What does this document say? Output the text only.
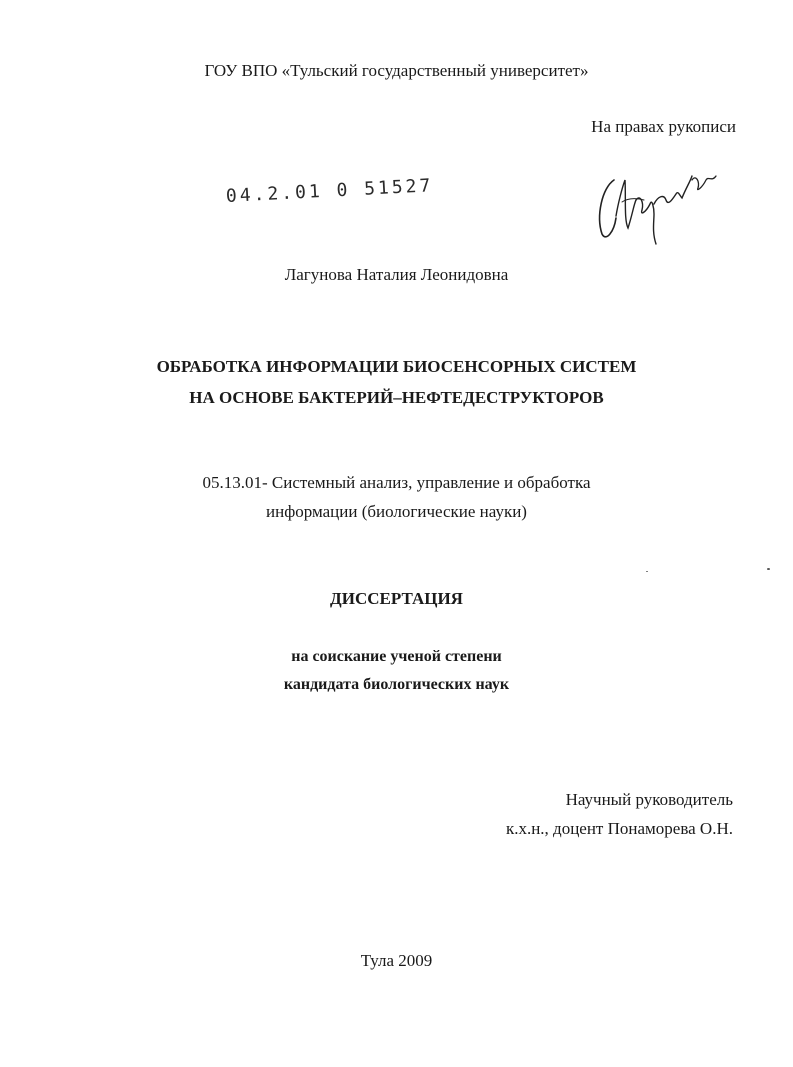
ГОУ ВПО «Тульский государственный университет»
На правах рукописи
04.2.01 0 51527
Лагунова Наталия Леонидовна
ОБРАБОТКА ИНФОРМАЦИИ БИОСЕНСОРНЫХ СИСТЕМ
НА ОСНОВЕ БАКТЕРИЙ–НЕФТЕДЕСТРУКТОРОВ
05.13.01- Системный анализ, управление и обработка
информации (биологические науки)
ДИССЕРТАЦИЯ
на соискание ученой степени
кандидата биологических наук
Научный руководитель
к.х.н., доцент Понаморева О.Н.
Тула 2009
